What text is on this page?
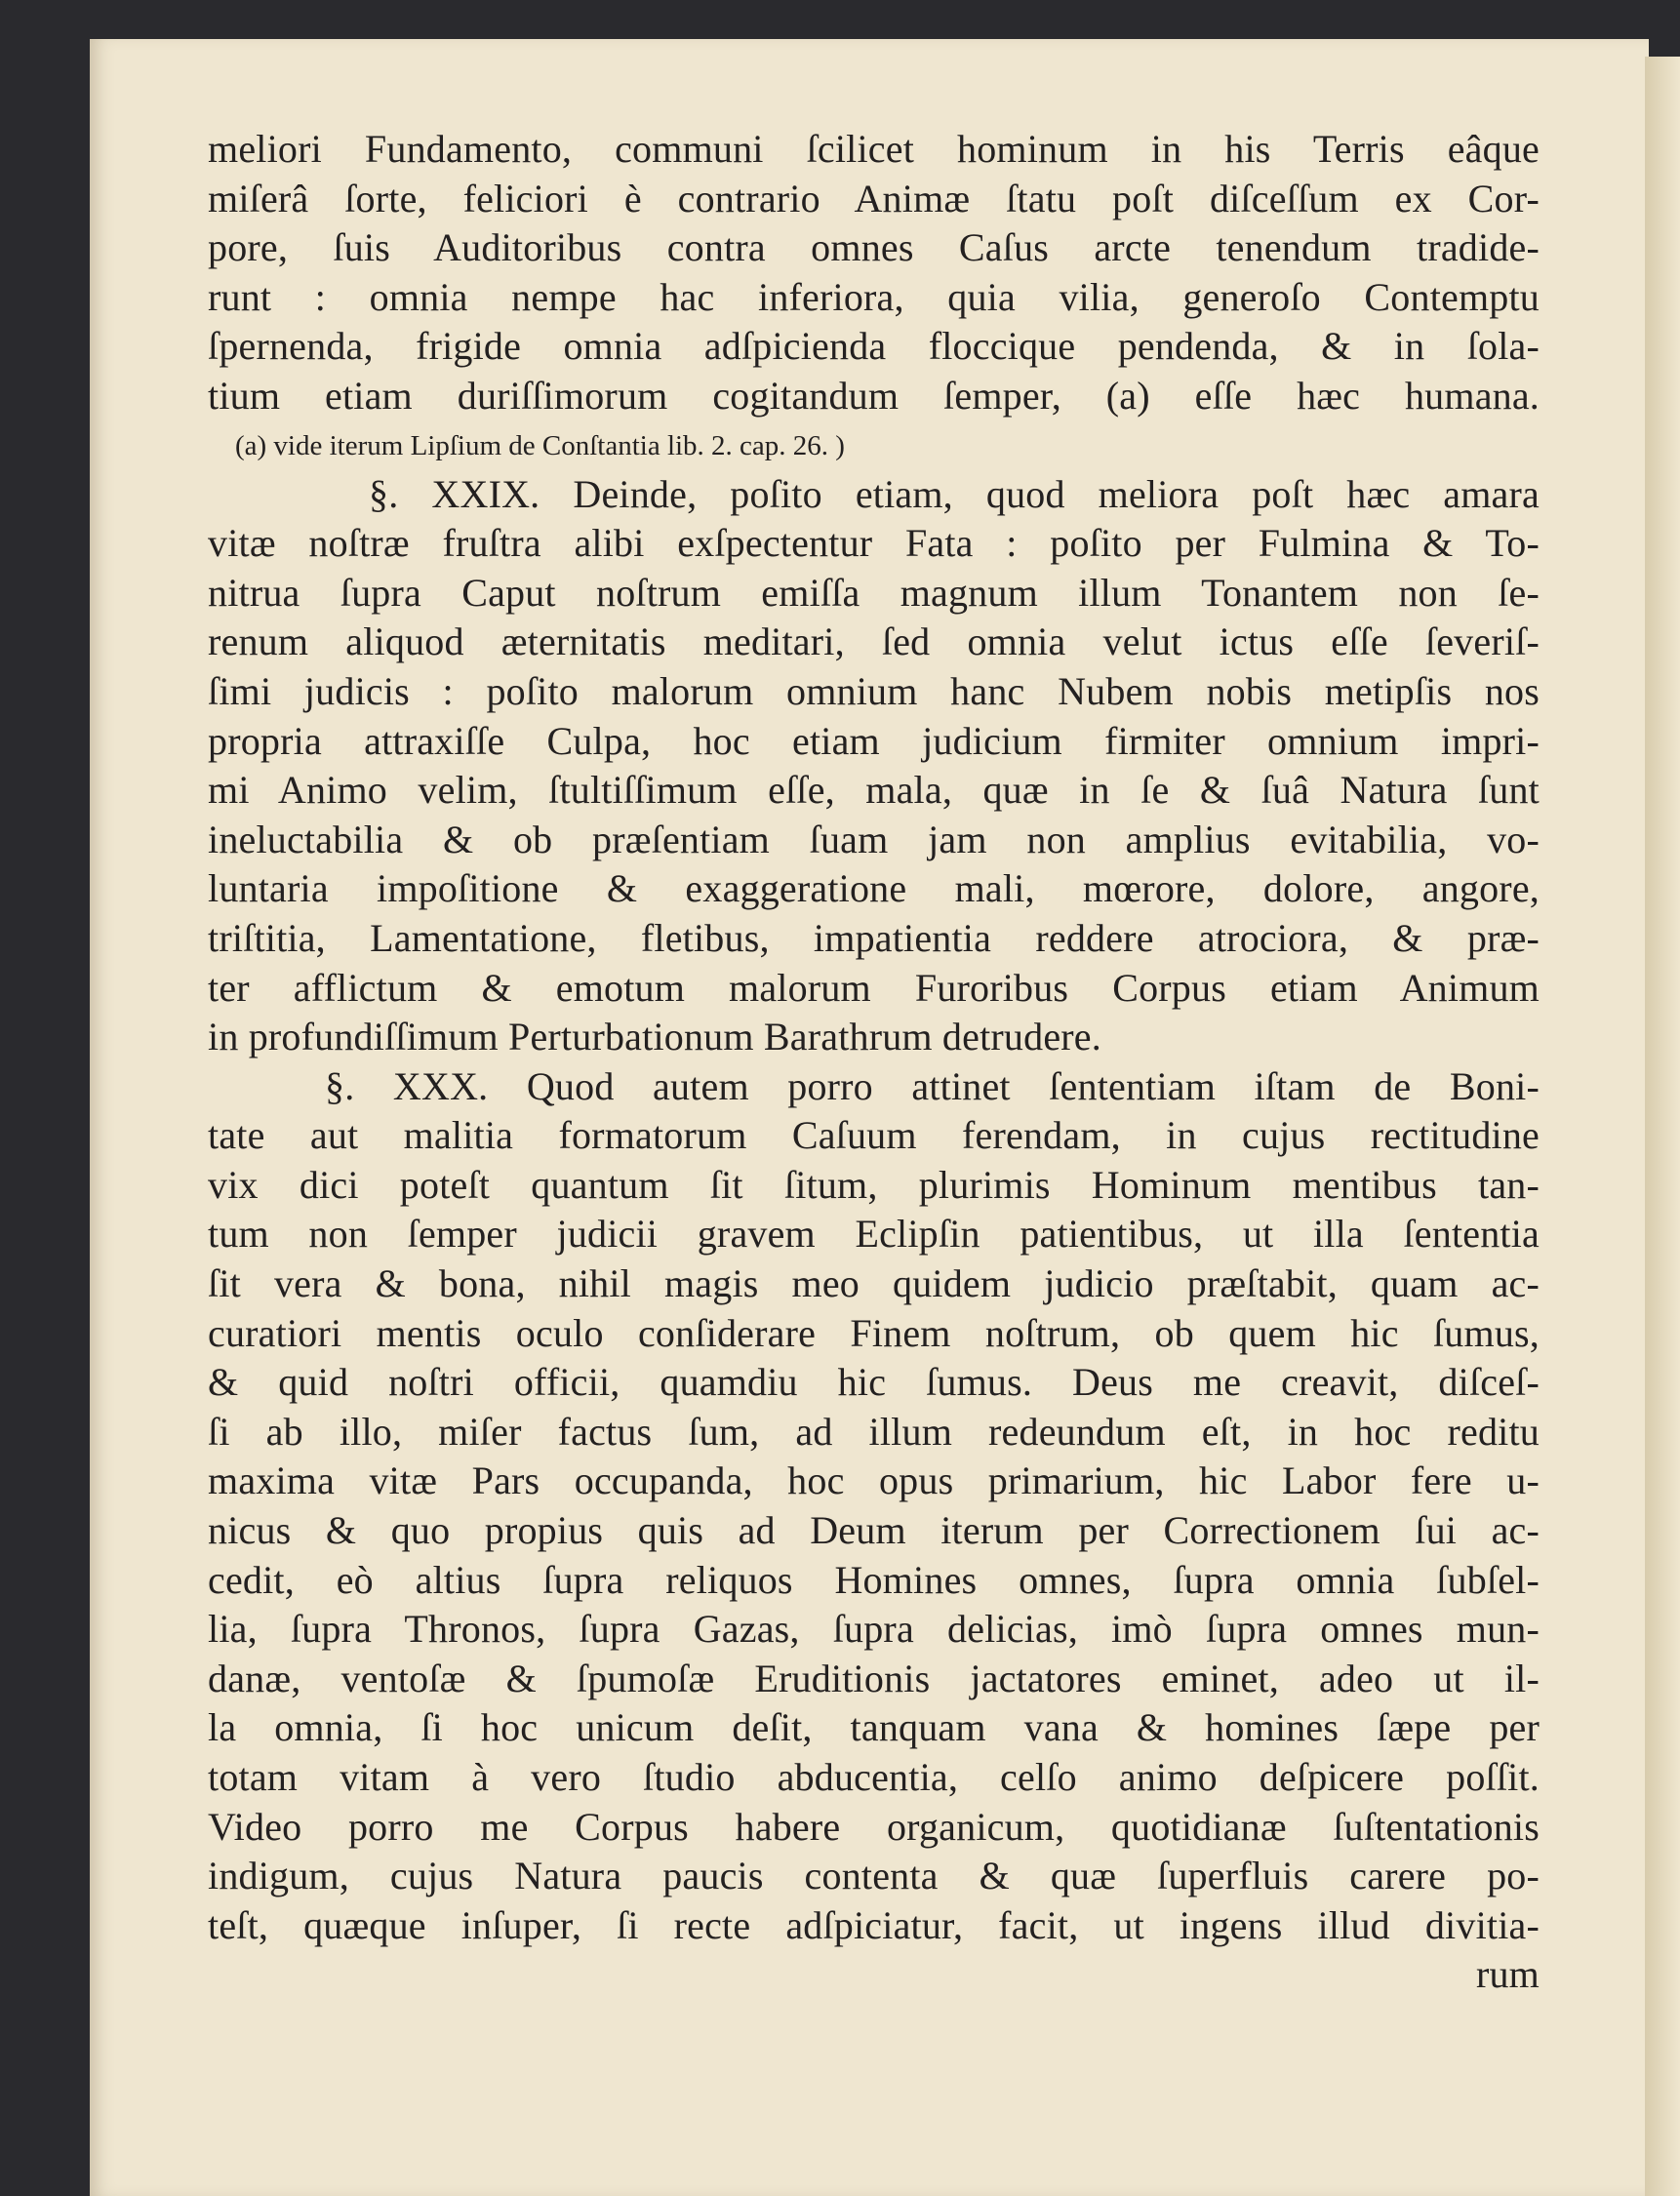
meliori Fundamento, communi ſcilicet hominum in his Terris eâque
miſerâ ſorte, feliciori è contrario Animæ ſtatu poſt diſceſſum ex Cor-
pore, ſuis Auditoribus contra omnes Caſus arcte tenendum tradide-
runt : omnia nempe hac inferiora, quia vilia, generoſo Contemptu
ſpernenda, frigide omnia adſpicienda floccique pendenda, & in ſola-
tium etiam duriſſimorum cogitandum ſemper, (a) eſſe hæc humana.
(a) vide iterum Lipſium de Conſtantia lib. 2. cap. 26. )
§. XXIX. Deinde, poſito etiam, quod meliora poſt hæc amara
vitæ noſtræ fruſtra alibi exſpectentur Fata : poſito per Fulmina & To-
nitrua ſupra Caput noſtrum emiſſa magnum illum Tonantem non ſe-
renum aliquod æternitatis meditari, ſed omnia velut ictus eſſe ſeveriſ-
ſimi judicis : poſito malorum omnium hanc Nubem nobis metipſis nos
propria attraxiſſe Culpa, hoc etiam judicium firmiter omnium impri-
mi Animo velim, ſtultiſſimum eſſe, mala, quæ in ſe & ſuâ Natura ſunt
ineluctabilia & ob præſentiam ſuam jam non amplius evitabilia, vo-
luntaria impoſitione & exaggeratione mali, mœrore, dolore, angore,
triſtitia, Lamentatione, fletibus, impatientia reddere atrociora, & præ-
ter afflictum & emotum malorum Furoribus Corpus etiam Animum
in profundiſſimum Perturbationum Barathrum detrudere.
§. XXX. Quod autem porro attinet ſententiam iſtam de Boni-
tate aut malitia formatorum Caſuum ferendam, in cujus rectitudine
vix dici poteſt quantum ſit ſitum, plurimis Hominum mentibus tan-
tum non ſemper judicii gravem Eclipſin patientibus, ut illa ſententia
ſit vera & bona, nihil magis meo quidem judicio præſtabit, quam ac-
curatiori mentis oculo conſiderare Finem noſtrum, ob quem hic ſumus,
& quid noſtri officii, quamdiu hic ſumus. Deus me creavit, diſceſ-
ſi ab illo, miſer factus ſum, ad illum redeundum eſt, in hoc reditu
maxima vitæ Pars occupanda, hoc opus primarium, hic Labor fere u-
nicus & quo propius quis ad Deum iterum per Correctionem ſui ac-
cedit, eò altius ſupra reliquos Homines omnes, ſupra omnia ſubſel-
lia, ſupra Thronos, ſupra Gazas, ſupra delicias, imò ſupra omnes mun-
danæ, ventoſæ & ſpumoſæ Eruditionis jactatores eminet, adeo ut il-
la omnia, ſi hoc unicum deſit, tanquam vana & homines ſæpe per
totam vitam à vero ſtudio abducentia, celſo animo deſpicere poſſit.
Video porro me Corpus habere organicum, quotidianæ ſuſtentationis
indigum, cujus Natura paucis contenta & quæ ſuperfluis carere po-
teſt, quæque inſuper, ſi recte adſpiciatur, facit, ut ingens illud divitia-
rum
